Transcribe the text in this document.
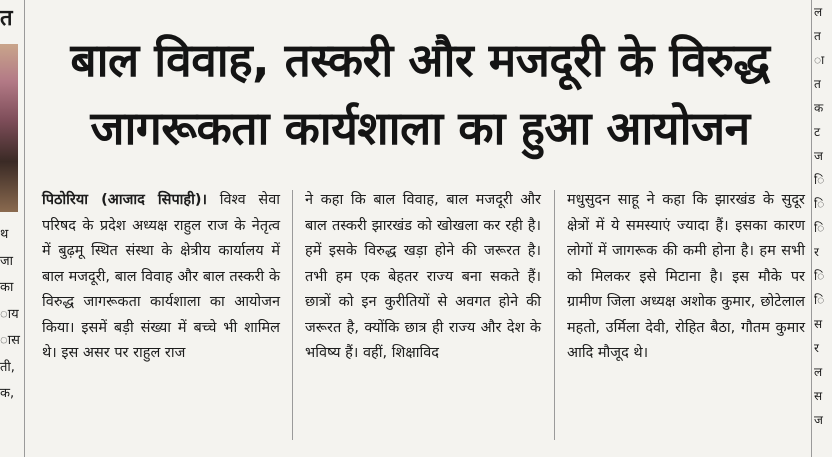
त
थ
जा
का
ाय
ास
ती,
क,
ल
त
ा
त
क
ट
ज
ि
ि
ि
र
ि
ि
स
र
ल
स
ज
बाल विवाह, तस्करी और मजदूरी के विरुद्ध
जागरूकता कार्यशाला का हुआ आयोजन
पिठोरिया (आजाद सिपाही)। विश्व सेवा परिषद के प्रदेश अध्यक्ष राहुल राज के नेतृत्व में बुढ़मू स्थित संस्था के क्षेत्रीय कार्यालय में बाल मजदूरी, बाल विवाह और बाल तस्करी के विरुद्ध जागरूकता कार्यशाला का आयोजन किया। इसमें बड़ी संख्या में बच्चे भी शामिल थे। इस असर पर राहुल राज
ने कहा कि बाल विवाह, बाल मजदूरी और बाल तस्करी झारखंड को खोखला कर रही है। हमें इसके विरुद्ध खड़ा होने की जरूरत है। तभी हम एक बेहतर राज्य बना सकते हैं। छात्रों को इन कुरीतियों से अवगत होने की जरूरत है, क्योंकि छात्र ही राज्य और देश के भविष्य हैं। वहीं, शिक्षाविद
मधुसुदन साहू ने कहा कि झारखंड के सुदूर क्षेत्रों में ये समस्याएं ज्यादा हैं। इसका कारण लोगों में जागरूक की कमी होना है। हम सभी को मिलकर इसे मिटाना है। इस मौके पर ग्रामीण जिला अध्यक्ष अशोक कुमार, छोटेलाल महतो, उर्मिला देवी, रोहित बैठा, गौतम कुमार आदि मौजूद थे।
